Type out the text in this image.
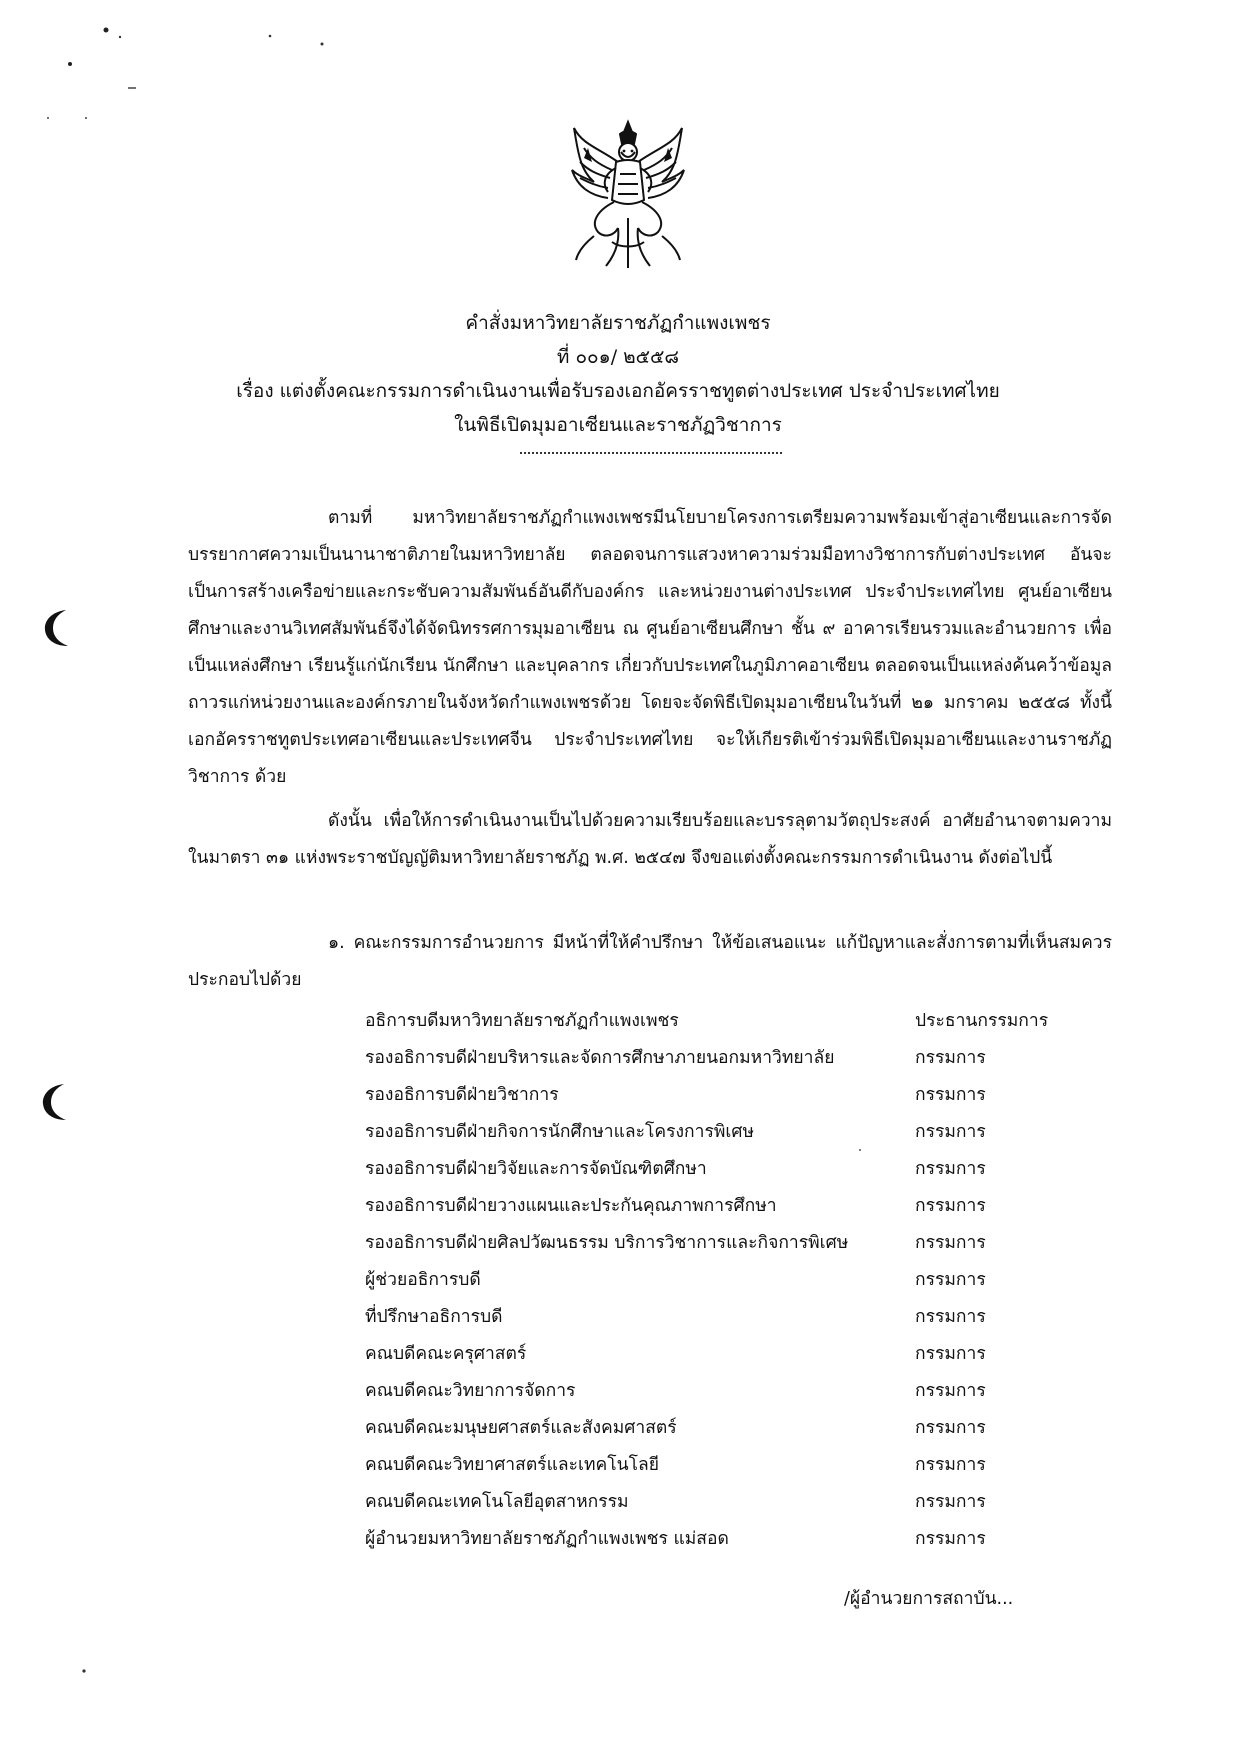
คำสั่งมหาวิทยาลัยราชภัฏกำแพงเพชร
ที่ ๐๐๑/ ๒๕๕๘
เรื่อง แต่งตั้งคณะกรรมการดำเนินงานเพื่อรับรองเอกอัครราชทูตต่างประเทศ ประจำประเทศไทย
ในพิธีเปิดมุมอาเซียนและราชภัฏวิชาการ

ตามที่ มหาวิทยาลัยราชภัฏกำแพงเพชรมีนโยบายโครงการเตรียมความพร้อมเข้าสู่อาเซียนและการจัดบรรยากาศความเป็นนานาชาติภายในมหาวิทยาลัย ตลอดจนการแสวงหาความร่วมมือทางวิชาการกับต่างประเทศ อันจะเป็นการสร้างเครือข่ายและกระชับความสัมพันธ์อันดีกับองค์กร และหน่วยงานต่างประเทศ ประจำประเทศไทย ศูนย์อาเซียนศึกษาและงานวิเทศสัมพันธ์จึงได้จัดนิทรรศการมุมอาเซียน ณ ศูนย์อาเซียนศึกษา ชั้น ๙ อาคารเรียนรวมและอำนวยการ เพื่อเป็นแหล่งศึกษา เรียนรู้แก่นักเรียน นักศึกษา และบุคลากร เกี่ยวกับประเทศในภูมิภาคอาเซียน ตลอดจนเป็นแหล่งค้นคว้าข้อมูลถาวรแก่หน่วยงานและองค์กรภายในจังหวัดกำแพงเพชรด้วย โดยจะจัดพิธีเปิดมุมอาเซียนในวันที่ ๒๑ มกราคม ๒๕๕๘ ทั้งนี้ เอกอัครราชทูตประเทศอาเซียนและประเทศจีน ประจำประเทศไทย จะให้เกียรติเข้าร่วมพิธีเปิดมุมอาเซียนและงานราชภัฏวิชาการ ด้วย

ดังนั้น เพื่อให้การดำเนินงานเป็นไปด้วยความเรียบร้อยและบรรลุตามวัตถุประสงค์ อาศัยอำนาจตามความในมาตรา ๓๑ แห่งพระราชบัญญัติมหาวิทยาลัยราชภัฏ พ.ศ. ๒๕๔๗ จึงขอแต่งตั้งคณะกรรมการดำเนินงาน ดังต่อไปนี้

๑. คณะกรรมการอำนวยการ มีหน้าที่ให้คำปรึกษา ให้ข้อเสนอแนะ แก้ปัญหาและสั่งการตามที่เห็นสมควร ประกอบไปด้วย

อธิการบดีมหาวิทยาลัยราชภัฏกำแพงเพชร	ประธานกรรมการ
รองอธิการบดีฝ่ายบริหารและจัดการศึกษาภายนอกมหาวิทยาลัย	กรรมการ
รองอธิการบดีฝ่ายวิชาการ	กรรมการ
รองอธิการบดีฝ่ายกิจการนักศึกษาและโครงการพิเศษ	กรรมการ
รองอธิการบดีฝ่ายวิจัยและการจัดบัณฑิตศึกษา	กรรมการ
รองอธิการบดีฝ่ายวางแผนและประกันคุณภาพการศึกษา	กรรมการ
รองอธิการบดีฝ่ายศิลปวัฒนธรรม บริการวิชาการและกิจการพิเศษ	กรรมการ
ผู้ช่วยอธิการบดี	กรรมการ
ที่ปรึกษาอธิการบดี	กรรมการ
คณบดีคณะครุศาสตร์	กรรมการ
คณบดีคณะวิทยาการจัดการ	กรรมการ
คณบดีคณะมนุษยศาสตร์และสังคมศาสตร์	กรรมการ
คณบดีคณะวิทยาศาสตร์และเทคโนโลยี	กรรมการ
คณบดีคณะเทคโนโลยีอุตสาหกรรม	กรรมการ
ผู้อำนวยมหาวิทยาลัยราชภัฏกำแพงเพชร แม่สอด	กรรมการ
/ผู้อำนวยการสถาบัน...
